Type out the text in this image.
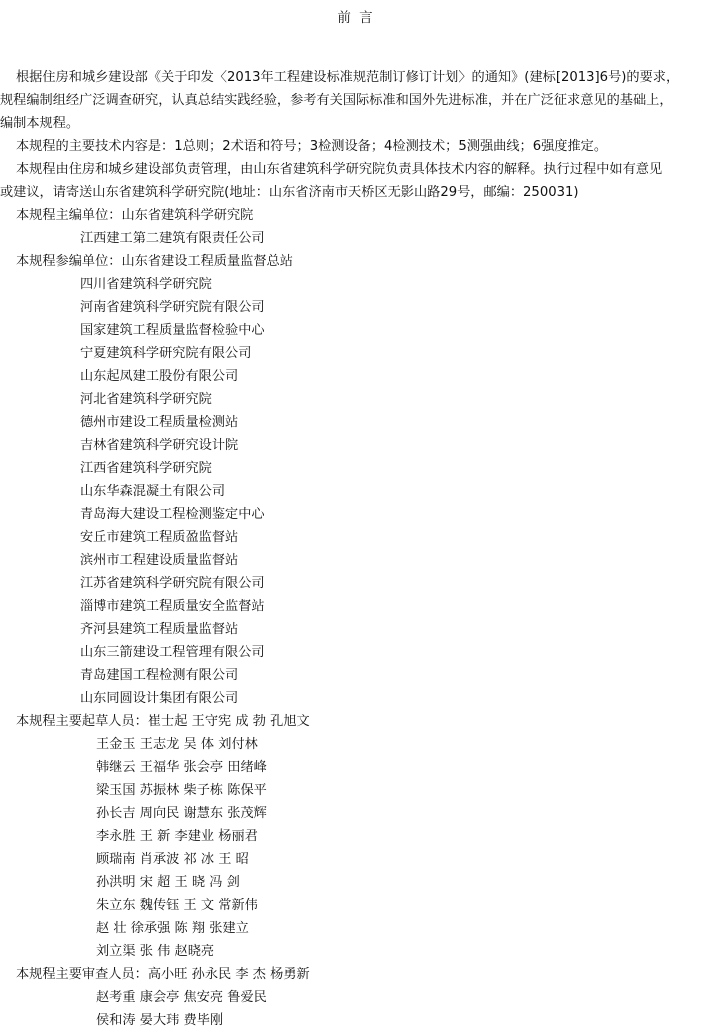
前 言
根据住房和城乡建设部《关于印发〈2013年工程建设标准规范制订修订计划〉的通知》(建标[2013]6号)的要求，
规程编制组经广泛调查研究，认真总结实践经验，参考有关国际标准和国外先进标准，并在广泛征求意见的基础上，
编制本规程。
本规程的主要技术内容是：1总则；2术语和符号；3检测设备；4检测技术；5测强曲线；6强度推定。
本规程由住房和城乡建设部负责管理，由山东省建筑科学研究院负责具体技术内容的解释。执行过程中如有意见
或建议，请寄送山东省建筑科学研究院(地址：山东省济南市天桥区无影山路29号，邮编：250031)
本规程主编单位：山东省建筑科学研究院
江西建工第二建筑有限责任公司
本规程参编单位：山东省建设工程质量监督总站
四川省建筑科学研究院
河南省建筑科学研究院有限公司
国家建筑工程质量监督检验中心
宁夏建筑科学研究院有限公司
山东起凤建工股份有限公司
河北省建筑科学研究院
德州市建设工程质量检测站
吉林省建筑科学研究设计院
江西省建筑科学研究院
山东华森混凝土有限公司
青岛海大建设工程检测鉴定中心
安丘市建筑工程质盈监督站
滨州市工程建设质量监督站
江苏省建筑科学研究院有限公司
淄博市建筑工程质量安全监督站
齐河县建筑工程质量监督站
山东三箭建设工程管理有限公司
青岛建国工程检测有限公司
山东同圆设计集团有限公司
本规程主要起草人员：崔士起 王守宪 成 勃 孔旭文
王金玉 王志龙 吴 体 刘付林
韩继云 王福华 张会亭 田绪峰
梁玉国 苏振林 柴子栋 陈保平
孙长吉 周向民 谢慧东 张茂辉
李永胜 王 新 李建业 杨丽君
顾瑞南 肖承波 祁 冰 王 昭
孙洪明 宋 超 王 晓 冯 剑
朱立东 魏传钰 王 文 常新伟
赵 壮 徐承强 陈 翔 张建立
刘立渠 张 伟 赵晓亮
本规程主要审查人员：高小旺 孙永民 李 杰 杨勇新
赵考重 康会亭 焦安亮 鲁爱民
侯和涛 晏大玮 费毕刚
